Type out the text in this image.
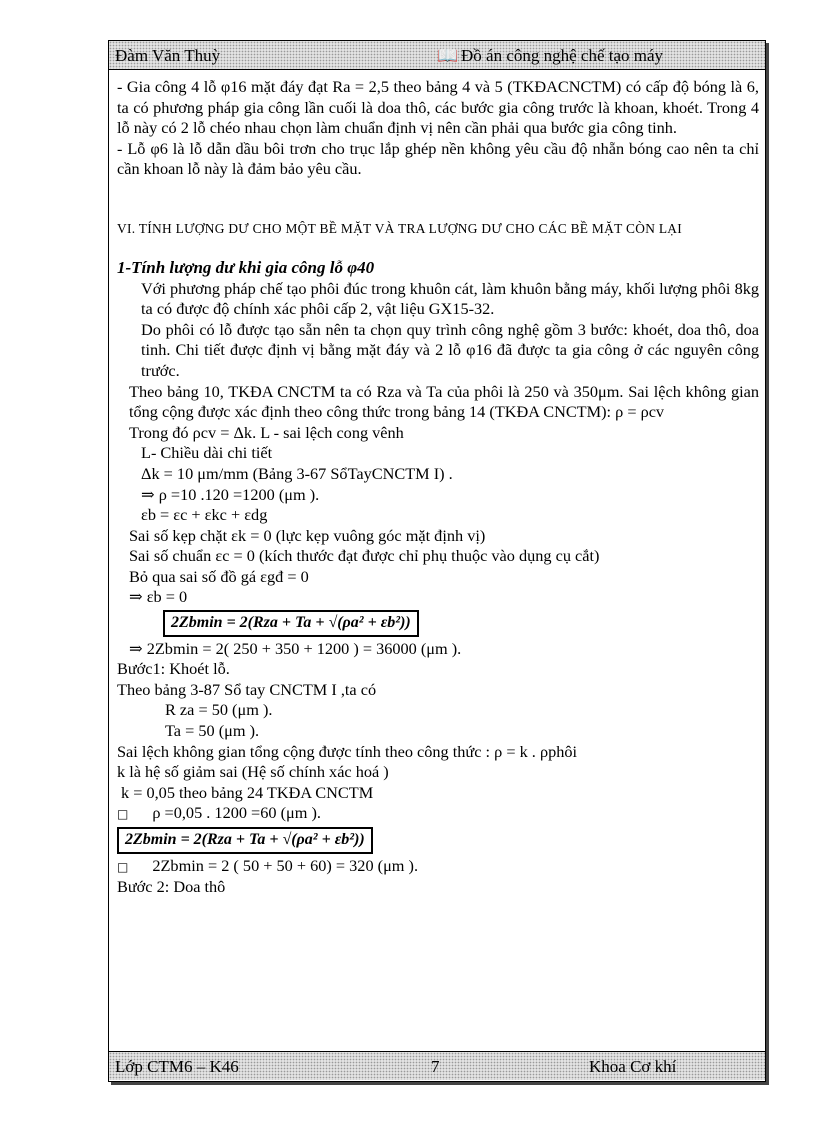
Đàm Văn Thuỳ	📖 Đồ án công nghệ chế tạo máy

- Gia công 4 lỗ φ16 mặt đáy đạt Ra = 2,5 theo bảng 4 và 5 (TKĐACNCTM) có cấp độ bóng là 6, ta có phương pháp gia công lần cuối là doa thô, các bước gia công trước là khoan, khoét. Trong 4 lỗ này có 2 lỗ chéo nhau chọn làm chuẩn định vị nên cần phải qua bước gia công tinh.

- Lỗ φ6 là lỗ dẫn dầu bôi trơn cho trục lắp ghép nền không yêu cầu độ nhẵn bóng cao nên ta chỉ cần khoan lỗ này là đảm bảo yêu cầu.

VI. TÍNH LƯỢNG DƯ CHO MỘT BỀ MẶT VÀ TRA LƯỢNG DƯ CHO CÁC BỀ MẶT CÒN LẠI

1-Tính lượng dư khi gia công lỗ φ40

Với phương pháp chế tạo phôi đúc trong khuôn cát, làm khuôn bằng máy, khối lượng phôi 8kg ta có được độ chính xác phôi cấp 2, vật liệu GX15-32.

Do phôi có lỗ được tạo sẵn nên ta chọn quy trình công nghệ gồm 3 bước: khoét, doa thô, doa tinh. Chi tiết được định vị bằng mặt đáy và 2 lỗ φ16 đã được ta gia công ở các nguyên công trước.

Theo bảng 10, TKĐA CNCTM ta có Rza và Ta của phôi là 250 và 350μm. Sai lệch không gian tổng cộng được xác định theo công thức trong bảng 14 (TKĐA CNCTM): ρ = ρcv

Trong đó ρcv = Δk. L - sai lệch cong vênh

L- Chiều dài chi tiết

Δk = 10 μm/mm (Bảng 3-67 SổTayCNCTM I) .

⇒ ρ =10 .120 =1200 (μm ).

εb = εc + εkc + εdg

Sai số kẹp chặt εk = 0 (lực kẹp vuông góc mặt định vị)

Sai số chuẩn εc = 0 (kích thước đạt được chỉ phụ thuộc vào dụng cụ cắt)

Bỏ qua sai số đồ gá εgđ = 0

⇒ εb = 0

2Zbmin = 2(Rza + Ta + √(ρa² + εb²))

⇒ 2Zbmin = 2( 250 + 350 + 1200 ) = 36000 (μm ).

Bước1: Khoét lỗ.

Theo bảng 3-87 Sổ tay CNCTM I ,ta có

R za = 50 (μm ).

Ta = 50 (μm ).

Sai lệch không gian tổng cộng được tính theo công thức : ρ = k . ρphôi

k là hệ số giảm sai (Hệ số chính xác hoá )

k = 0,05 theo bảng 24 TKĐA CNCTM

□ ρ =0,05 . 1200 =60 (μm ).

2Zbmin = 2(Rza + Ta + √(ρa² + εb²))

□ 2Zbmin = 2 ( 50 + 50 + 60) = 320 (μm ).

Bước 2: Doa thô

Lớp CTM6 – K46	7	Khoa Cơ khí
